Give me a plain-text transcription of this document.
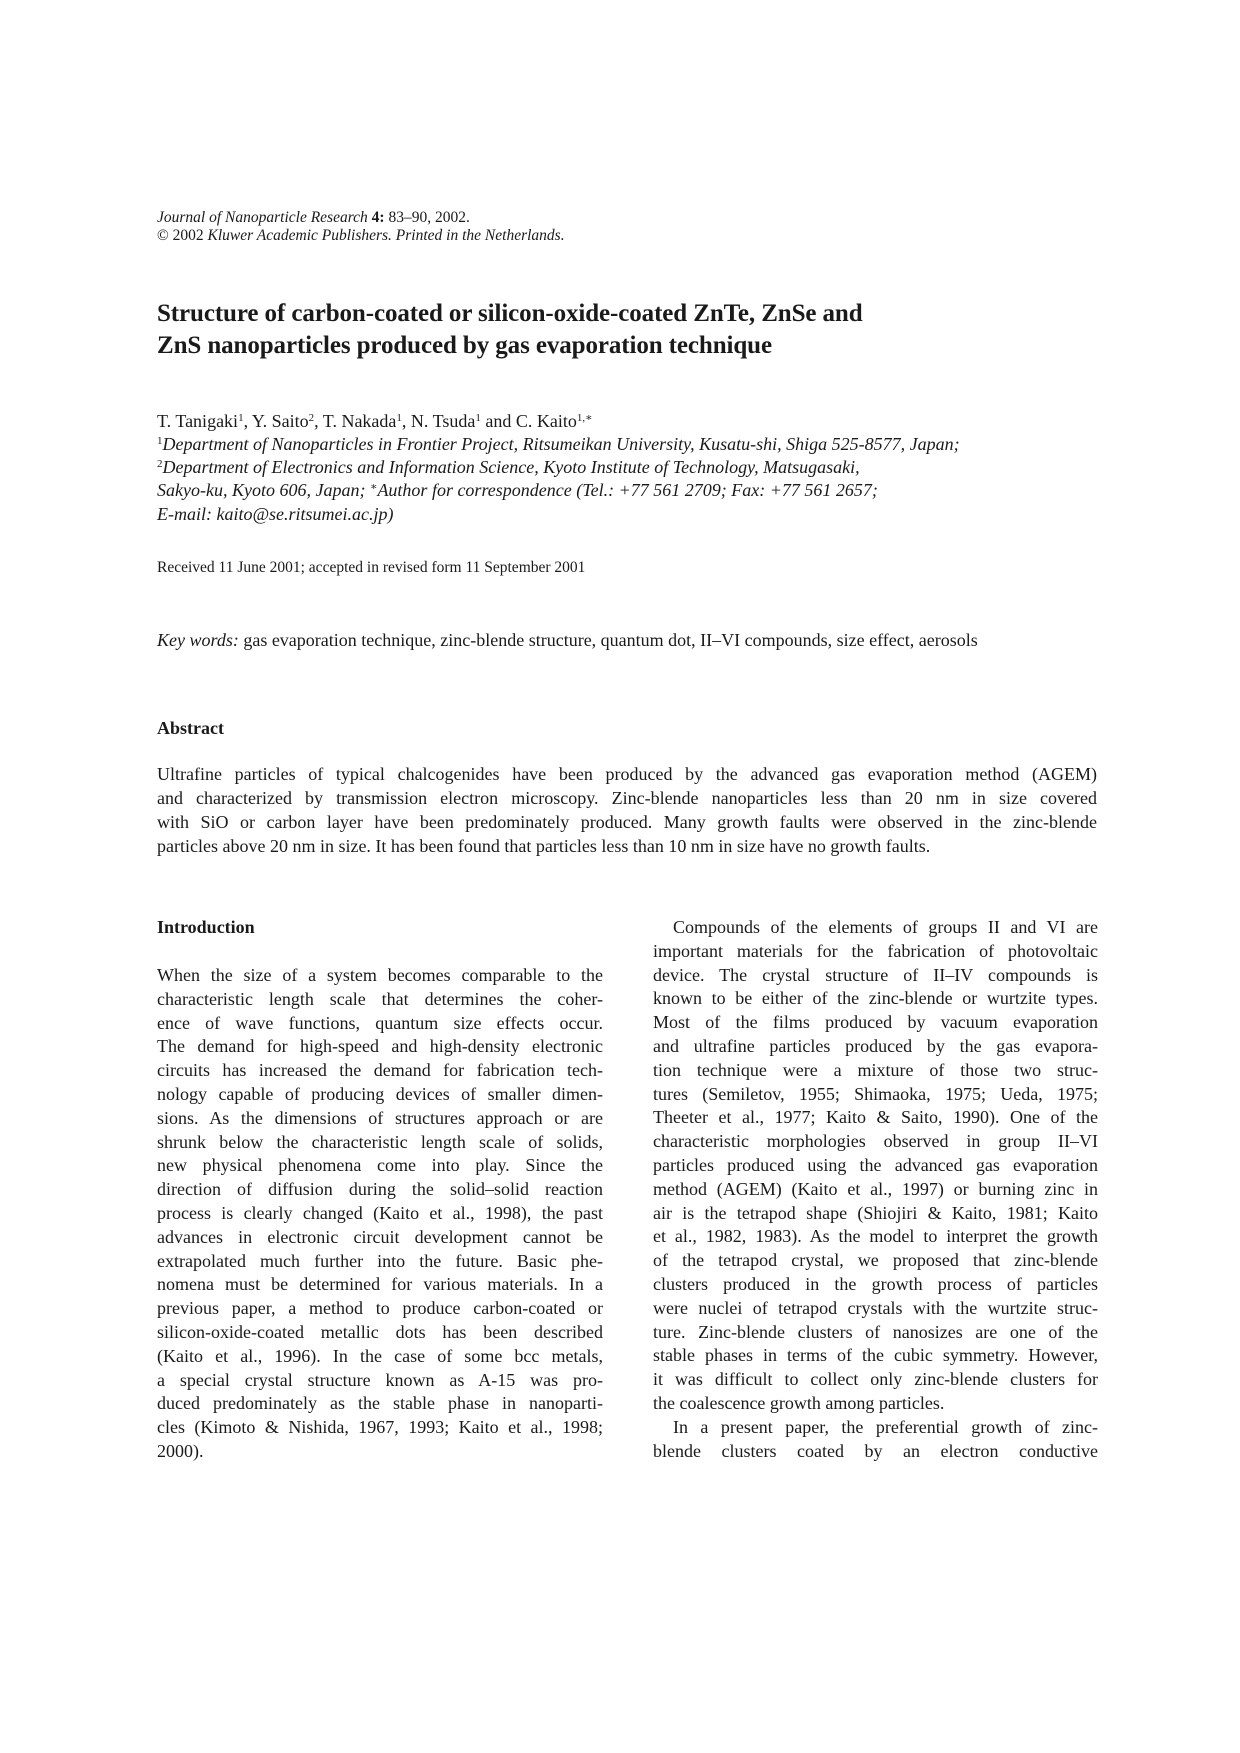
Journal of Nanoparticle Research 4: 83–90, 2002.
© 2002 Kluwer Academic Publishers. Printed in the Netherlands.
Structure of carbon-coated or silicon-oxide-coated ZnTe, ZnSe and
ZnS nanoparticles produced by gas evaporation technique
T. Tanigaki$^1$, Y. Saito$^2$, T. Nakada$^1$, N. Tsuda$^1$ and C. Kaito$^{1,∗}$
$^1$Department of Nanoparticles in Frontier Project, Ritsumeikan University, Kusatu-shi, Shiga 525-8577, Japan;
$^2$Department of Electronics and Information Science, Kyoto Institute of Technology, Matsugasaki,
Sakyo-ku, Kyoto 606, Japan; ∗Author for correspondence (Tel.: +77 561 2709; Fax: +77 561 2657;
E-mail: kaito@se.ritsumei.ac.jp)
Received 11 June 2001; accepted in revised form 11 September 2001
Key words: gas evaporation technique, zinc-blende structure, quantum dot, II–VI compounds, size effect, aerosols
Abstract
Ultrafine particles of typical chalcogenides have been produced by the advanced gas evaporation method (AGEM)
and characterized by transmission electron microscopy. Zinc-blende nanoparticles less than 20 nm in size covered
with SiO or carbon layer have been predominately produced. Many growth faults were observed in the zinc-blende
particles above 20 nm in size. It has been found that particles less than 10 nm in size have no growth faults.
Introduction
When the size of a system becomes comparable to the
characteristic length scale that determines the coher-
ence of wave functions, quantum size effects occur.
The demand for high-speed and high-density electronic
circuits has increased the demand for fabrication tech-
nology capable of producing devices of smaller dimen-
sions. As the dimensions of structures approach or are
shrunk below the characteristic length scale of solids,
new physical phenomena come into play. Since the
direction of diffusion during the solid–solid reaction
process is clearly changed (Kaito et al., 1998), the past
advances in electronic circuit development cannot be
extrapolated much further into the future. Basic phe-
nomena must be determined for various materials. In a
previous paper, a method to produce carbon-coated or
silicon-oxide-coated metallic dots has been described
(Kaito et al., 1996). In the case of some bcc metals,
a special crystal structure known as A-15 was pro-
duced predominately as the stable phase in nanoparti-
cles (Kimoto & Nishida, 1967, 1993; Kaito et al., 1998;
2000).
Compounds of the elements of groups II and VI are
important materials for the fabrication of photovoltaic
device. The crystal structure of II–IV compounds is
known to be either of the zinc-blende or wurtzite types.
Most of the films produced by vacuum evaporation
and ultrafine particles produced by the gas evapora-
tion technique were a mixture of those two struc-
tures (Semiletov, 1955; Shimaoka, 1975; Ueda, 1975;
Theeter et al., 1977; Kaito & Saito, 1990). One of the
characteristic morphologies observed in group II–VI
particles produced using the advanced gas evaporation
method (AGEM) (Kaito et al., 1997) or burning zinc in
air is the tetrapod shape (Shiojiri & Kaito, 1981; Kaito
et al., 1982, 1983). As the model to interpret the growth
of the tetrapod crystal, we proposed that zinc-blende
clusters produced in the growth process of particles
were nuclei of tetrapod crystals with the wurtzite struc-
ture. Zinc-blende clusters of nanosizes are one of the
stable phases in terms of the cubic symmetry. However,
it was difficult to collect only zinc-blende clusters for
the coalescence growth among particles.
In a present paper, the preferential growth of zinc-
blende clusters coated by an electron conductive
